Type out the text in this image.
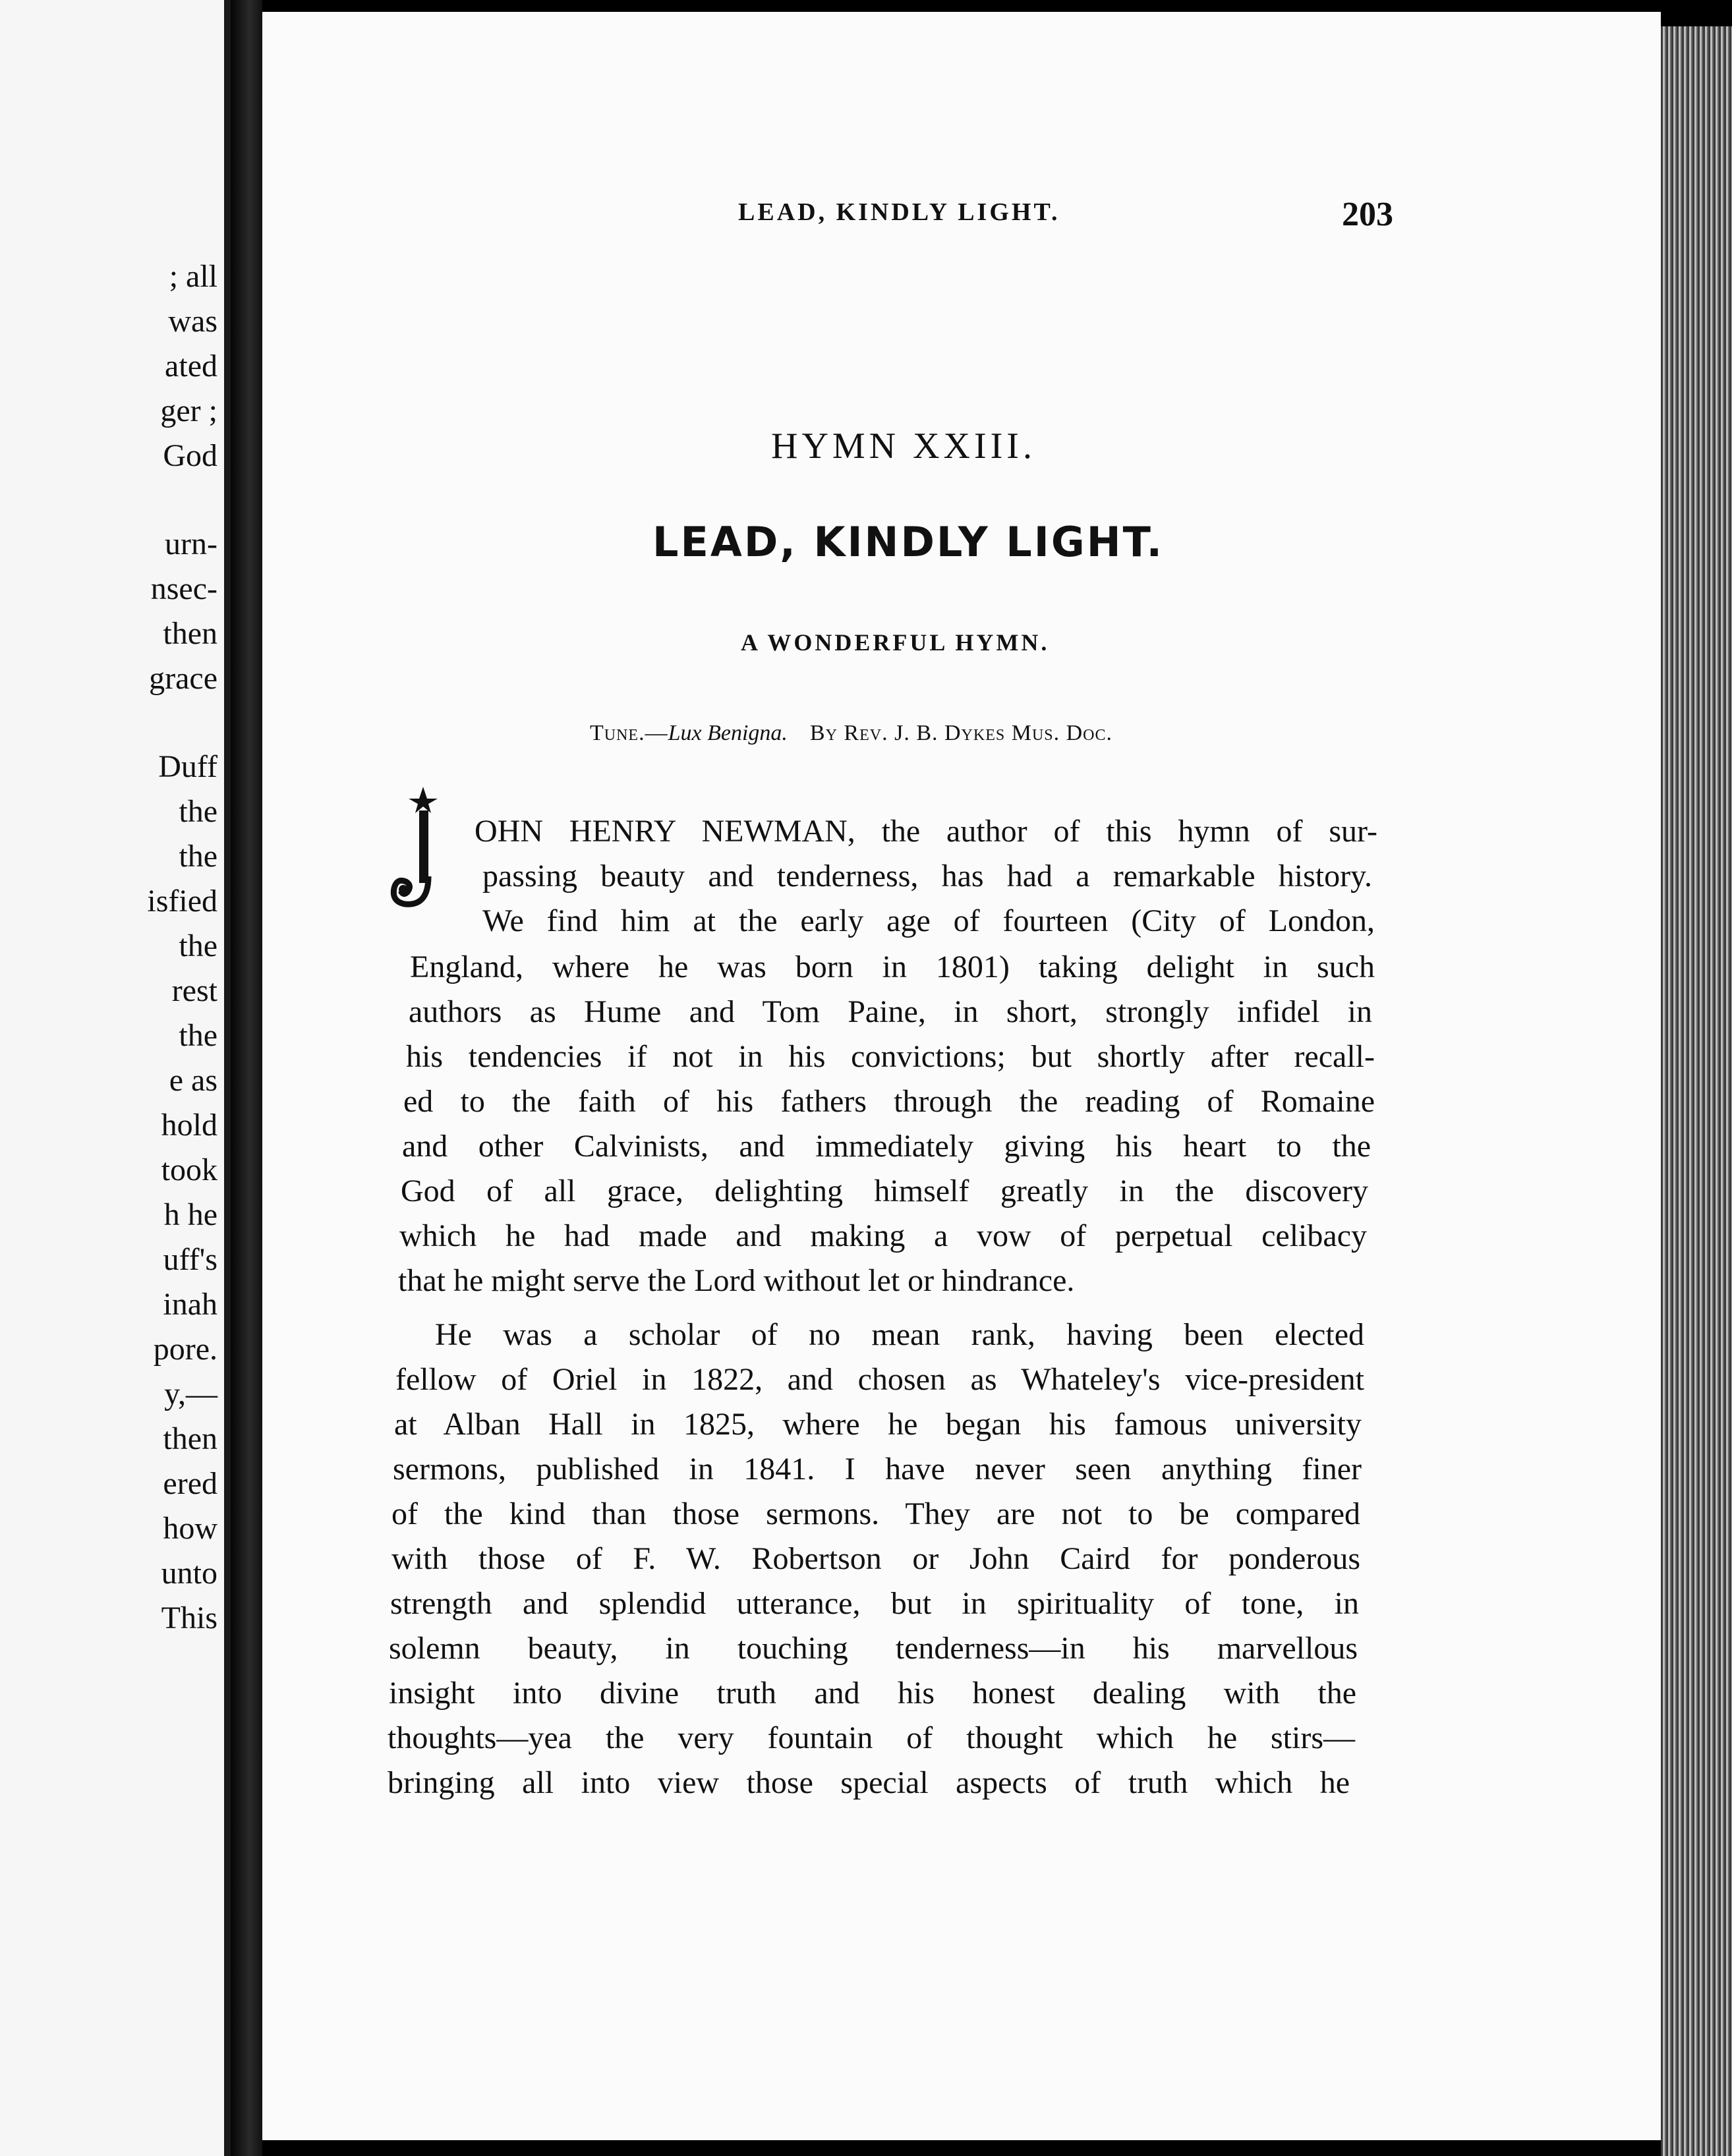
; all
was
ated
ger ;
God
urn-
nsec-
then
grace
Duff
the
the
isfied
the
rest
the
e as
hold
took
h he
uff's
inah
pore.
y,—
then
ered
how
unto
This
LEAD, KINDLY LIGHT.	203
HYMN XXIII.
LEAD, KINDLY LIGHT.
A WONDERFUL HYMN.
Tune.—Lux Benigna. By Rev. J. B. Dykes Mus. Doc.
OHN HENRY NEWMAN, the author of this hymn of sur-
passing beauty and tenderness, has had a remarkable history.
We find him at the early age of fourteen (City of London,
England, where he was born in 1801) taking delight in such
authors as Hume and Tom Paine, in short, strongly infidel in
his tendencies if not in his convictions; but shortly after recall-
ed to the faith of his fathers through the reading of Romaine
and other Calvinists, and immediately giving his heart to the
God of all grace, delighting himself greatly in the discovery
which he had made and making a vow of perpetual celibacy
that he might serve the Lord without let or hindrance.
He was a scholar of no mean rank, having been elected
fellow of Oriel in 1822, and chosen as Whateley's vice-president
at Alban Hall in 1825, where he began his famous university
sermons, published in 1841. I have never seen anything finer
of the kind than those sermons. They are not to be compared
with those of F. W. Robertson or John Caird for ponderous
strength and splendid utterance, but in spirituality of tone, in
solemn beauty, in touching tenderness—in his marvellous
insight into divine truth and his honest dealing with the
thoughts—yea the very fountain of thought which he stirs—
bringing all into view those special aspects of truth which he
